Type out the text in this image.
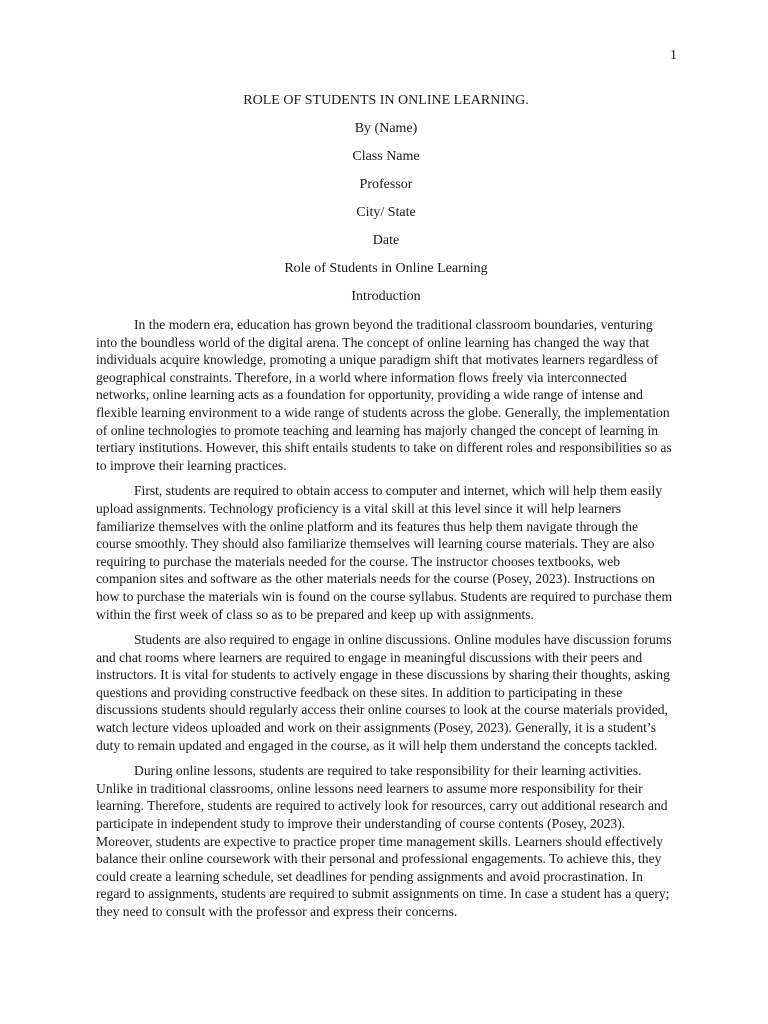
1

ROLE OF STUDENTS IN ONLINE LEARNING.

By (Name)

Class Name

Professor

City/ State

Date

Role of Students in Online Learning

Introduction

In the modern era, education has grown beyond the traditional classroom boundaries, venturing into the boundless world of the digital arena. The concept of online learning has changed the way that individuals acquire knowledge, promoting a unique paradigm shift that motivates learners regardless of geographical constraints. Therefore, in a world where information flows freely via interconnected networks, online learning acts as a foundation for opportunity, providing a wide range of intense and flexible learning environment to a wide range of students across the globe. Generally, the implementation of online technologies to promote teaching and learning has majorly changed the concept of learning in tertiary institutions. However, this shift entails students to take on different roles and responsibilities so as to improve their learning practices.

First, students are required to obtain access to computer and internet, which will help them easily upload assignments. Technology proficiency is a vital skill at this level since it will help learners familiarize themselves with the online platform and its features thus help them navigate through the course smoothly. They should also familiarize themselves will learning course materials. They are also requiring to purchase the materials needed for the course. The instructor chooses textbooks, web companion sites and software as the other materials needs for the course (Posey, 2023). Instructions on how to purchase the materials win is found on the course syllabus. Students are required to purchase them within the first week of class so as to be prepared and keep up with assignments.

Students are also required to engage in online discussions. Online modules have discussion forums and chat rooms where learners are required to engage in meaningful discussions with their peers and instructors. It is vital for students to actively engage in these discussions by sharing their thoughts, asking questions and providing constructive feedback on these sites. In addition to participating in these discussions students should regularly access their online courses to look at the course materials provided, watch lecture videos uploaded and work on their assignments (Posey, 2023). Generally, it is a student’s duty to remain updated and engaged in the course, as it will help them understand the concepts tackled.

During online lessons, students are required to take responsibility for their learning activities. Unlike in traditional classrooms, online lessons need learners to assume more responsibility for their learning. Therefore, students are required to actively look for resources, carry out additional research and participate in independent study to improve their understanding of course contents (Posey, 2023). Moreover, students are expective to practice proper time management skills. Learners should effectively balance their online coursework with their personal and professional engagements. To achieve this, they could create a learning schedule, set deadlines for pending assignments and avoid procrastination. In regard to assignments, students are required to submit assignments on time. In case a student has a query; they need to consult with the professor and express their concerns.
